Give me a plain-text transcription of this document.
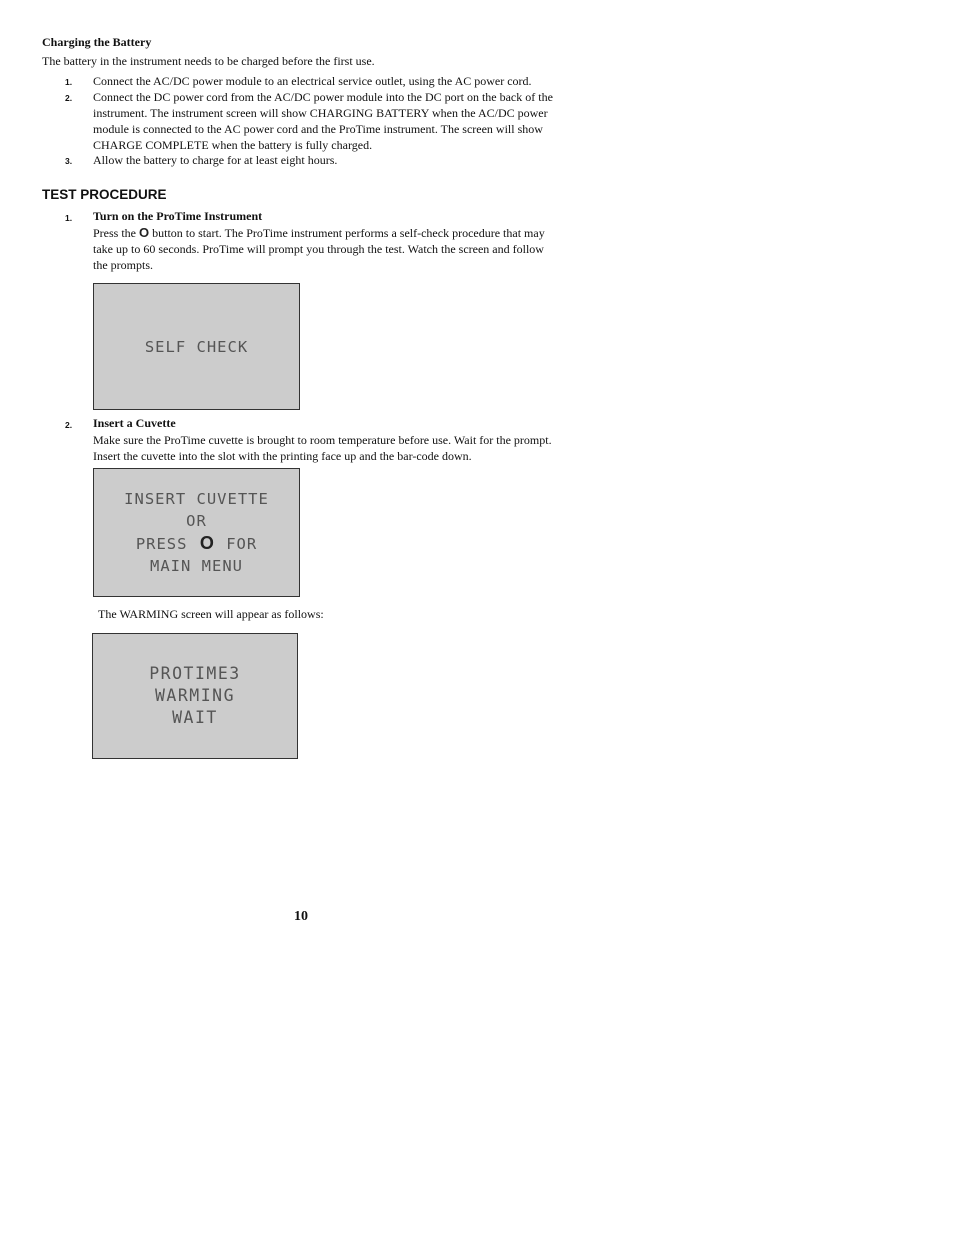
Charging the Battery
The battery in the instrument needs to be charged before the first use.
1. Connect the AC/DC power module to an electrical service outlet, using the AC power cord.
2. Connect the DC power cord from the AC/DC power module into the DC port on the back of the instrument. The instrument screen will show CHARGING BATTERY when the AC/DC power module is connected to the AC power cord and the ProTime instrument. The screen will show CHARGE COMPLETE when the battery is fully charged.
3. Allow the battery to charge for at least eight hours.
TEST PROCEDURE
1. Turn on the ProTime Instrument
Press the O button to start. The ProTime instrument performs a self-check procedure that may take up to 60 seconds. ProTime will prompt you through the test. Watch the screen and follow the prompts.
SELF CHECK
2. Insert a Cuvette
Make sure the ProTime cuvette is brought to room temperature before use. Wait for the prompt. Insert the cuvette into the slot with the printing face up and the bar-code down.
INSERT CUVETTE
OR
PRESS O FOR
MAIN MENU
The WARMING screen will appear as follows:
PROTIME3
WARMING
WAIT
10
